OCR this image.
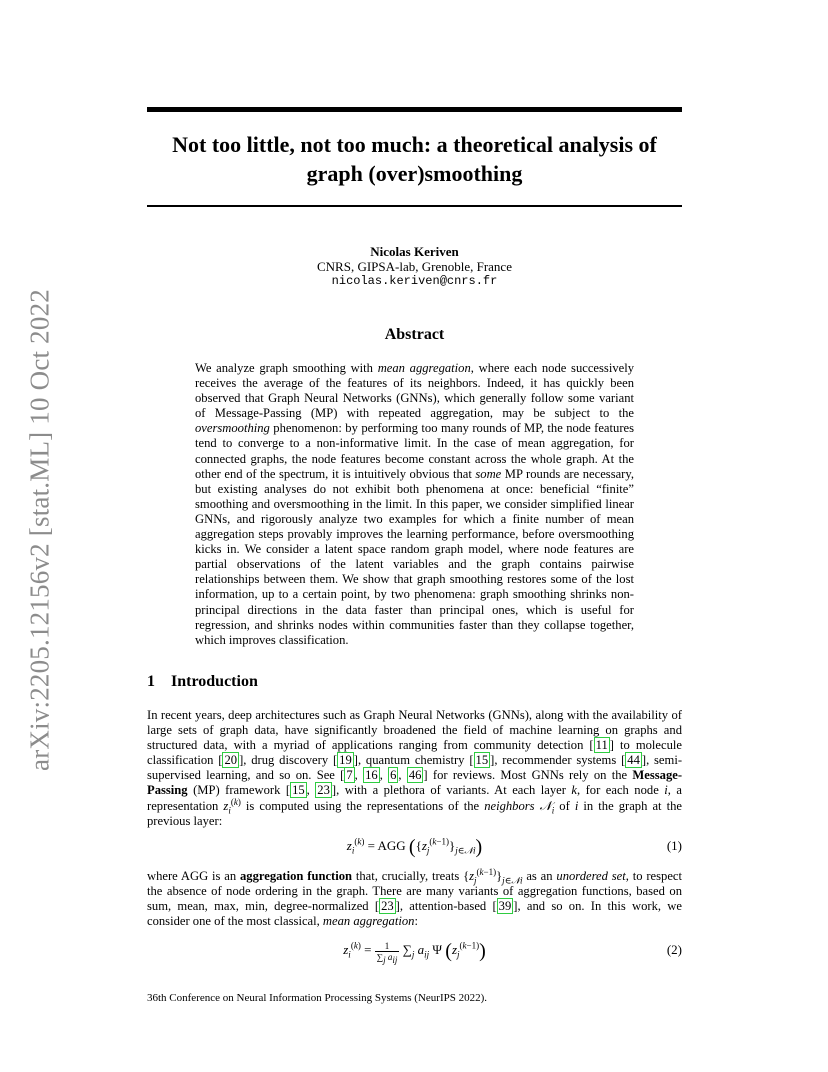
arXiv:2205.12156v2 [stat.ML] 10 Oct 2022
Not too little, not too much: a theoretical analysis of
graph (over)smoothing
Nicolas Keriven
CNRS, GIPSA-lab, Grenoble, France
nicolas.keriven@cnrs.fr
Abstract
We analyze graph smoothing with mean aggregation, where each node successively receives the average of the features of its neighbors. Indeed, it has quickly been observed that Graph Neural Networks (GNNs), which generally follow some variant of Message-Passing (MP) with repeated aggregation, may be subject to the oversmoothing phenomenon: by performing too many rounds of MP, the node features tend to converge to a non-informative limit. In the case of mean aggregation, for connected graphs, the node features become constant across the whole graph. At the other end of the spectrum, it is intuitively obvious that some MP rounds are necessary, but existing analyses do not exhibit both phenomena at once: beneficial “finite” smoothing and oversmoothing in the limit. In this paper, we consider simplified linear GNNs, and rigorously analyze two examples for which a finite number of mean aggregation steps provably improves the learning performance, before oversmoothing kicks in. We consider a latent space random graph model, where node features are partial observations of the latent variables and the graph contains pairwise relationships between them. We show that graph smoothing restores some of the lost information, up to a certain point, by two phenomena: graph smoothing shrinks non-principal directions in the data faster than principal ones, which is useful for regression, and shrinks nodes within communities faster than they collapse together, which improves classification.
1 Introduction
In recent years, deep architectures such as Graph Neural Networks (GNNs), along with the availability of large sets of graph data, have significantly broadened the field of machine learning on graphs and structured data, with a myriad of applications ranging from community detection [ 11 ] to molecule classification [ 20 ], drug discovery [ 19 ], quantum chemistry [ 15 ], recommender systems [ 44 ], semi-supervised learning, and so on. See [ 7 , 16 , 6 , 46 ] for reviews. Most GNNs rely on the Message-Passing (MP) framework [ 15 , 23 ], with a plethora of variants. At each layer k, for each node i, a representation $z_i^{(k)}$ is computed using the representations of the neighbors 𝒩$_i$ of i in the graph at the previous layer:
$z_i^{(k)}$ = AGG $(\{z_j^{(k-1)}\}_{j\in 𝒩i})$	(1)
where AGG is an aggregation function that, crucially, treats $\{z_j^{(k-1)}\}_{j\in 𝒩i}$ as an unordered set, to respect the absence of node ordering in the graph. There are many variants of aggregation functions, based on sum, mean, max, min, degree-normalized [ 23 ], attention-based [ 39 ], and so on. In this work, we consider one of the most classical, mean aggregation:
$z_i^{(k)} = \frac{1}{\sum_j a_{ij}} \sum_j$ $a_{ij}$ Ψ $(z_j^{(k-1)})$	(2)
36th Conference on Neural Information Processing Systems (NeurIPS 2022).
